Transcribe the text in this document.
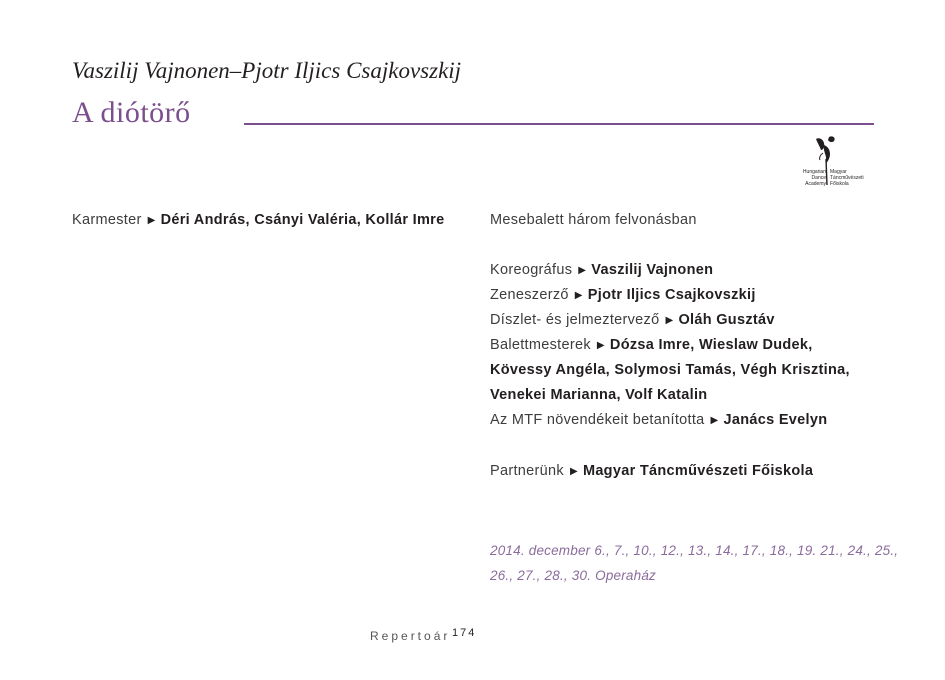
Vaszilij Vajnonen–Pjotr Iljics Csajkovszkij
A diótörő
Hungarian
Dance
Academy
Magyar
Táncművészeti
Főiskola
Karmester ▶ Déri András, Csányi Valéria, Kollár Imre	Mesebalett három felvonásban
Koreográfus ▶ Vaszilij Vajnonen
Zeneszerző ▶ Pjotr Iljics Csajkovszkij
Díszlet- és jelmeztervező ▶ Oláh Gusztáv
Balettmesterek ▶ Dózsa Imre, Wieslaw Dudek,
Kövessy Angéla, Solymosi Tamás, Végh Krisztina,
Venekei Marianna, Volf Katalin
Az MTF növendékeit betanította ▶ Janács Evelyn
Partnerünk ▶ Magyar Táncművészeti Főiskola
2014. december 6., 7., 10., 12., 13., 14., 17., 18., 19. 21., 24., 25.,
26., 27., 28., 30. Operaház
Repertoár 174
